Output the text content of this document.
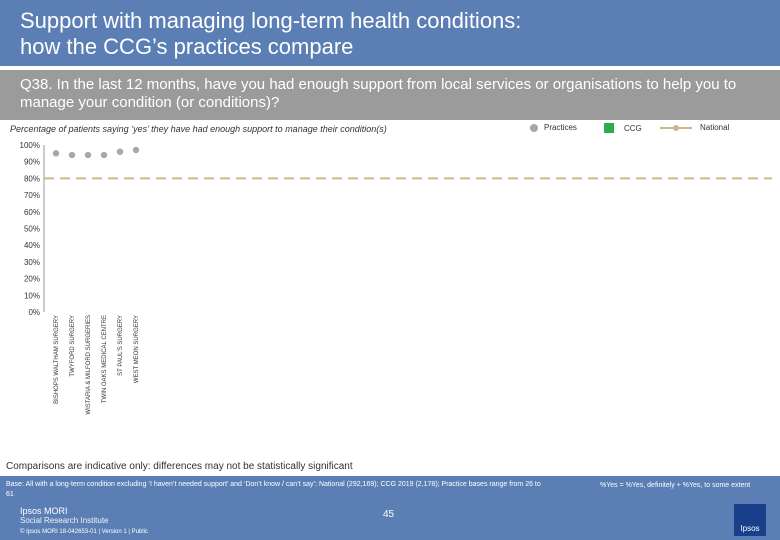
Support with managing long-term health conditions:
how the CCG’s practices compare
Q38. In the last 12 months, have you had enough support from local services or organisations to help you to manage your condition (or conditions)?
Percentage of patients saying ‘yes’ they have had enough support to manage their condition(s)	Practices	CCG	National
0%
10%
20%
30%
40%
50%
60%
70%
80%
90%
100%
BISHOPS WALTHAM SURGERY TWYFORD SURGERY WISTARIA & MILFORD SURGERIES TWIN OAKS MEDICAL CENTRE ST PAUL'S SURGERY WEST MEON SURGERY
Comparisons are indicative only: differences may not be statistically significant
Base: All with a long-term condition excluding ‘I haven’t needed support’ and ‘Don’t know / can’t say’: National (292,169); CCG 2019 (2,178); Practice bases range from 26 to 61
%Yes = %Yes, definitely + %Yes, to some extent
Ipsos MORI
Social Research Institute
45
© Ipsos MORI 18-042653-01 | Version 1 | Public	Ipsos
